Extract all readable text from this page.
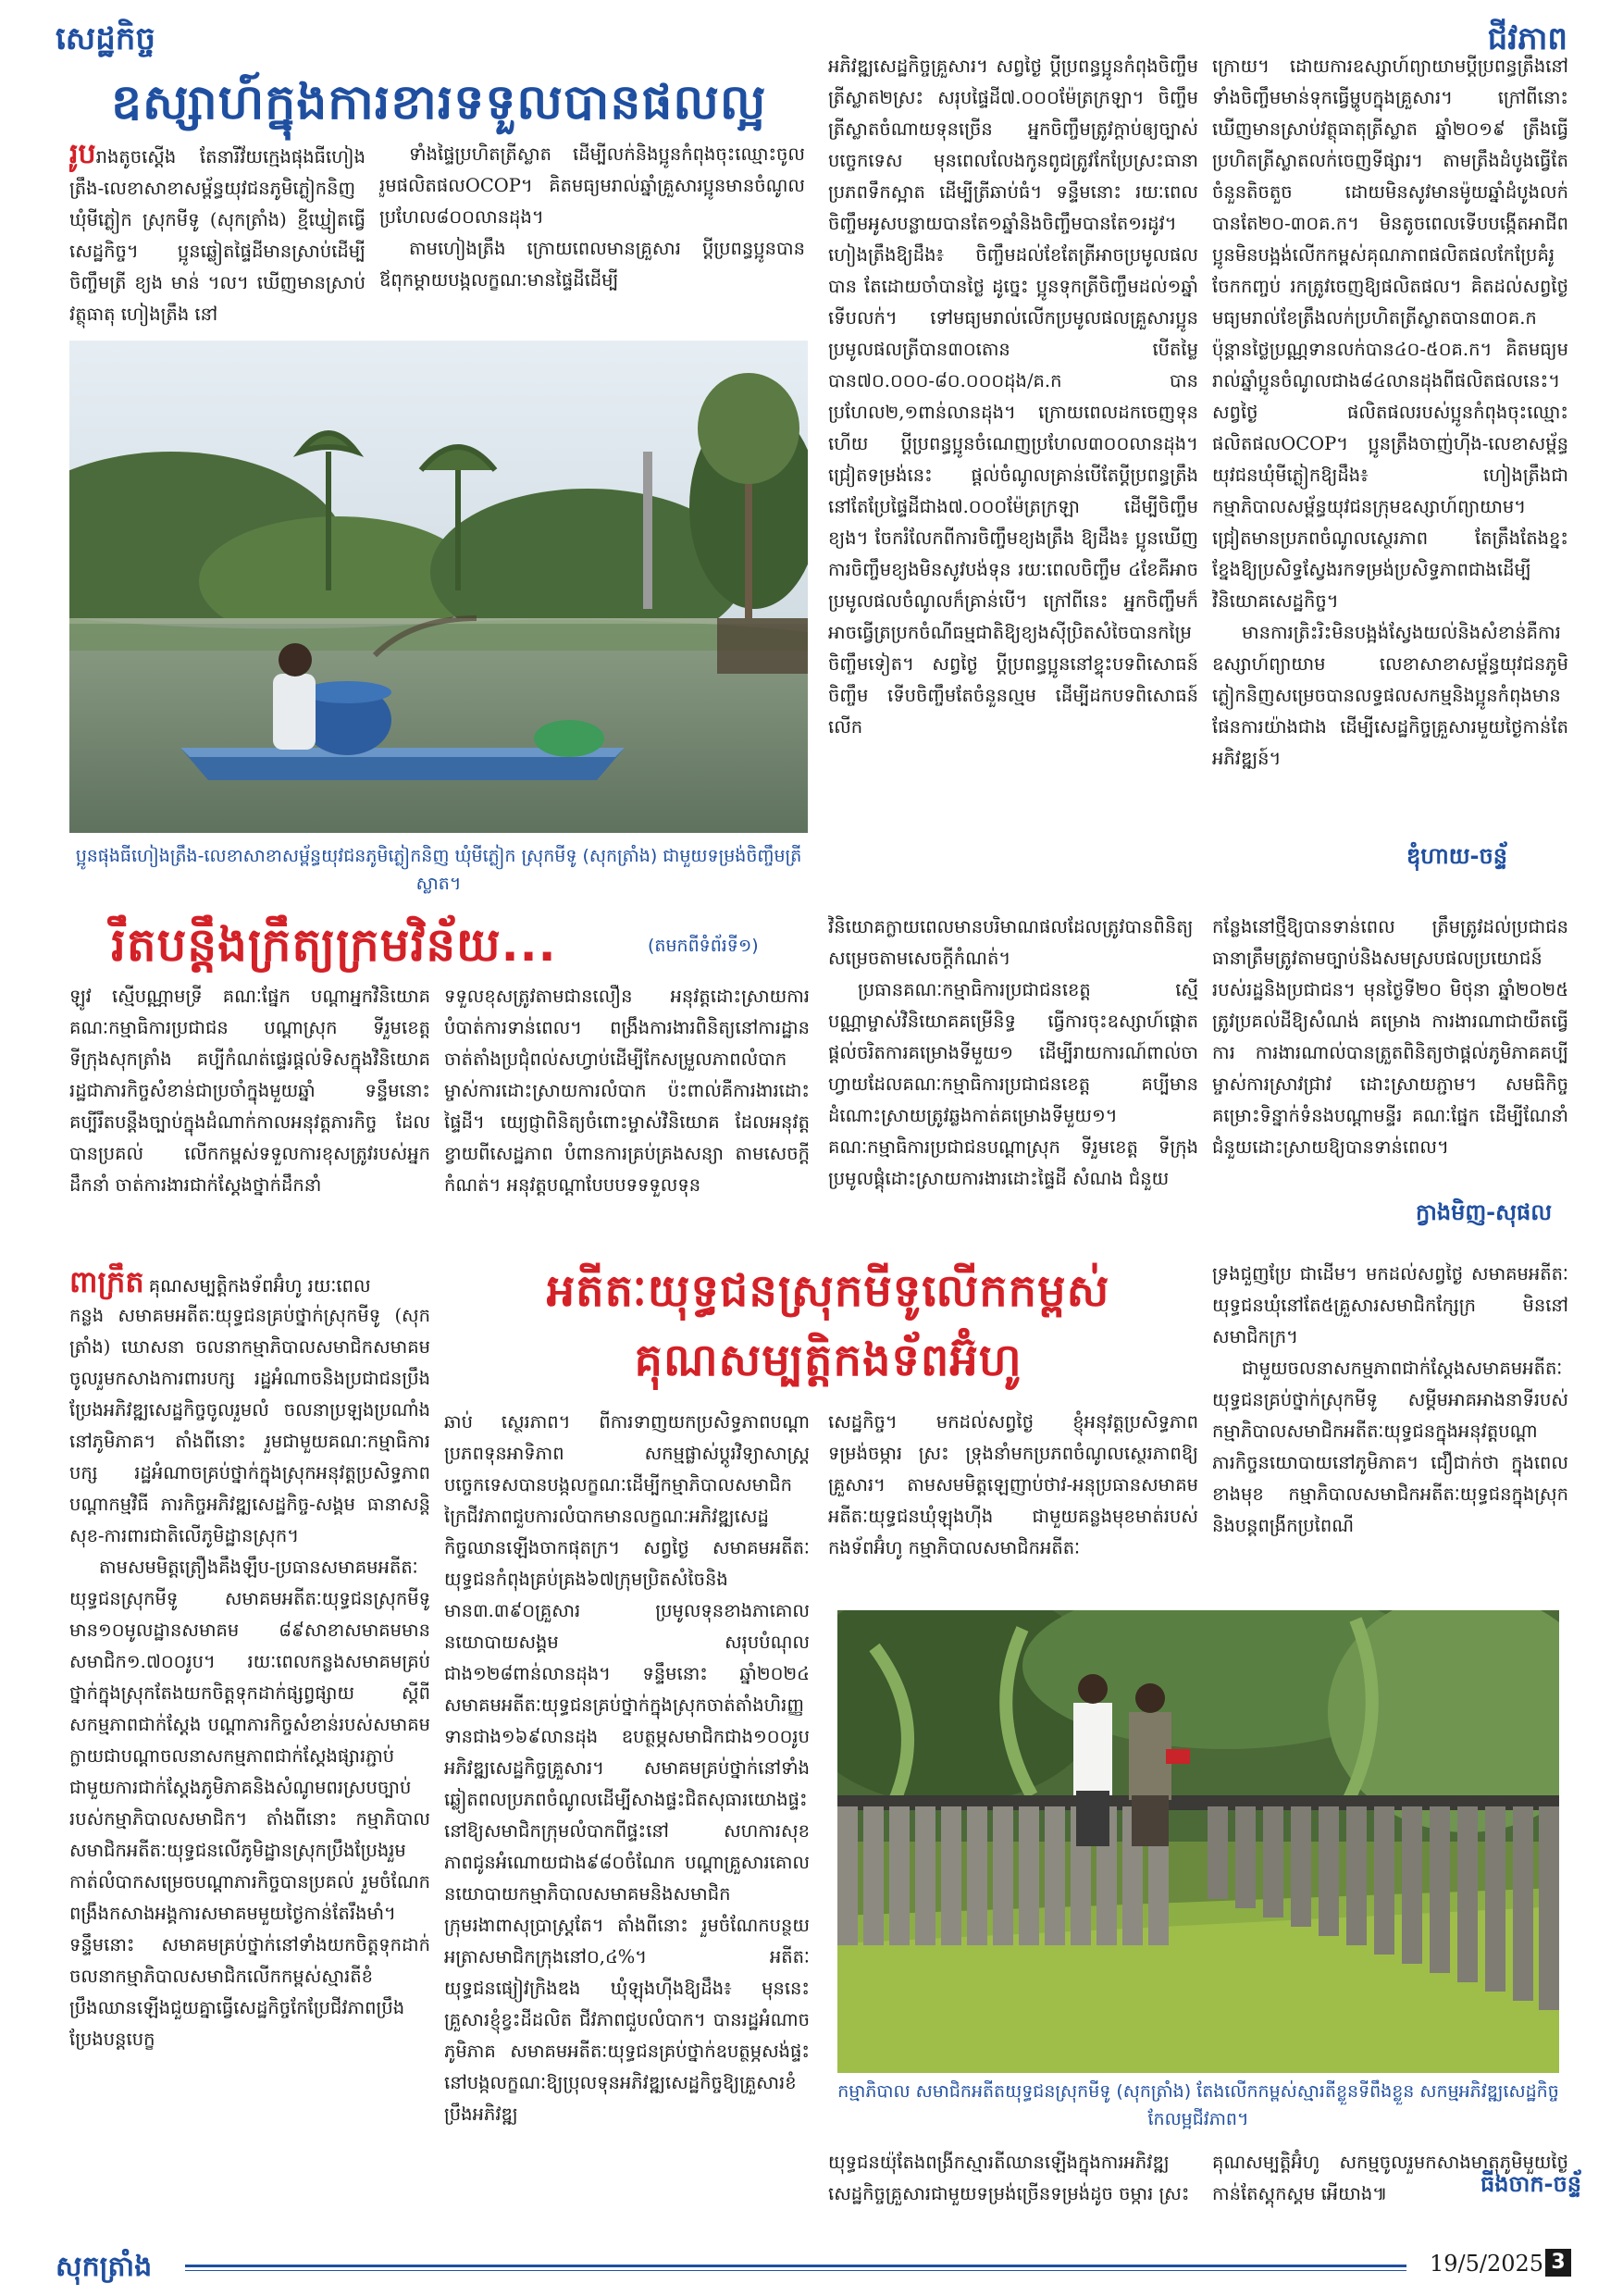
សេដ្ឋកិច្ច	ជីវភាព
ឧស្សាហ៍ក្នុងការខារទទួលបានផលល្អ

រូបរាងតូចស្តើង តែនារីវ័យក្មេងផុងធីហៀង ត្រឹង-លេខាសាខាសម្ព័ន្ធយុវជនភូមិភ្លៀកនិញ ឃុំមីភ្លៀក ស្រុកមីទូ (សុកត្រាំង) ខ្មីឃ្មៀតធ្វើសេដ្ឋកិច្ច។ ប្អូនឆ្លៀតផ្ទៃដីមានស្រាប់ដើម្បីចិញ្ចឹមត្រី ខ្យង មាន់ ។ល។ ឃើញមានស្រាប់វត្ថុធាតុ ហៀងត្រឹង នៅ

ទាំងផ្ទៃប្រហិតត្រីស្លាត ដើម្បីលក់និងប្អូនកំពុងចុះឈ្មោះចូលរួមផលិតផលOCOP។ គិតមធ្យមរាល់ឆ្នាំគ្រួសារប្អូនមានចំណូលប្រហែល៨០០លានដុង។

តាមហៀងត្រឹង ក្រោយពេលមានគ្រួសារ ប្តីប្រពន្ធប្អូនបានឪពុកម្តាយបង្កលក្ខណៈមានផ្ទៃដីដើម្បី

ប្អូនផុងធីហៀងត្រឹង-លេខាសាខាសម្ព័ន្ធយុវជនភូមិភ្លៀកនិញ ឃុំមីភ្លៀក ស្រុកមីទូ (សុកត្រាំង) ជាមួយទម្រង់ចិញ្ចឹមត្រីស្លាត។

អភិវឌ្ឍសេដ្ឋកិច្ចគ្រួសារ។ សព្វថ្ងៃ ប្តីប្រពន្ធប្អូនកំពុងចិញ្ចឹមត្រីស្លាត២ស្រះ សរុបផ្ទៃដី៧.០០០ម៉ែត្រក្រឡា។ ចិញ្ចឹមត្រីស្លាតចំណាយទុនច្រើន អ្នកចិញ្ចឹមត្រូវក្តាប់ឲ្យច្បាស់បច្ចេកទេស មុនពេលលែងកូនពូជត្រូវកែប្រែស្រះធានាប្រភពទឹកស្អាត ដើម្បីត្រីឆាប់ធំ។ ទន្ទឹមនោះ រយៈពេលចិញ្ចឹមអូសបន្លាយបានតែ១ឆ្នាំនិងចិញ្ចឹមបានតែ១រដូវ។ ហៀងត្រឹងឱ្យដឹង៖ ចិញ្ចឹមដល់ខែតែត្រីអាចប្រមូលផលបាន តែដោយចាំបានថ្លៃ ដូច្នេះ ប្អូនទុកត្រីចិញ្ចឹមដល់១ឆ្នាំទើបលក់។ ទៅមធ្យមរាល់លើកប្រមូលផលគ្រួសារប្អូនប្រមូលផលត្រីបាន៣០តោន បើតម្លៃបាន៧០.០០០-៨០.០០០ដុង/គ.ក បានប្រហែល២,១ពាន់លានដុង។ ក្រោយពេលដកចេញទុនហើយ ប្តីប្រពន្ធប្អូនចំណេញប្រហែល៣០០លានដុង។ ជ្រៀតទម្រង់នេះ ផ្តល់ចំណូលគ្រាន់បើតែប្តីប្រពន្ធត្រឹងនៅតែប្រែផ្ទៃដីជាង៧.០០០ម៉ែត្រក្រឡា ដើម្បីចិញ្ចឹមខ្យង។ ចែករំលែកពីការចិញ្ចឹមខ្យងត្រឹង ឱ្យដឹង៖ ប្អូនឃើញការចិញ្ចឹមខ្យងមិនសូវបង់ទុន រយៈពេលចិញ្ចឹម ៤ខែគឺអាចប្រមូលផលចំណូលក៏គ្រាន់បើ។ ក្រៅពីនេះ អ្នកចិញ្ចឹមក៏អាចធ្វើត្រប្រកចំណីធម្មជាតិឱ្យខ្យងស៊ីប្រិតសំចៃបានកម្រៃចិញ្ចឹមទៀត។ សព្វថ្ងៃ ប្តីប្រពន្ធប្អូននៅខ្ទុះបទពិសោធន៍ចិញ្ចឹម ទើបចិញ្ចឹមតែចំនួនល្មម ដើម្បីដកបទពិសោធន៍លើក

ក្រោយ។ ដោយការឧស្សាហ៍ព្យាយាមប្តីប្រពន្ធត្រឹងនៅទាំងចិញ្ចឹមមាន់ទុកធ្វើម្ហូបក្នុងគ្រួសារ។ ក្រៅពីនោះ ឃើញមានស្រាប់វត្ថុធាតុត្រីស្លាត ឆ្នាំ២០១៩ ត្រឹងធ្វើប្រហិតត្រីស្លាតលក់ចេញទីផ្សារ។ តាមត្រឹងដំបូងធ្វើតែចំនួនតិចតួច ដោយមិនសូវមានម៉ូយឆ្នាំដំបូងលក់បានតែ២០-៣០គ.ក។ មិនតូចពេលទើបបង្កើតអាជីពប្អូនមិនបង្អង់លើកកម្ពស់គុណភាពផលិតផលកែប្រែគំរូ ចែកកញ្ចប់ រកត្រូវចេញឱ្យផលិតផល។ គិតដល់សព្វថ្ងៃ មធ្យមរាល់ខែត្រឹងលក់ប្រហិតត្រីស្លាតបាន៣០គ.ក ប៉ុន្តានថ្លៃប្រណ្ណទានលក់បាន៤០-៥០គ.ក។ គិតមធ្យមរាល់ឆ្នាំប្អូនចំណូលជាង៨៤លានដុងពីផលិតផលនេះ។ សព្វថ្ងៃ ផលិតផលរបស់ប្អូនកំពុងចុះឈ្មោះផលិតផលOCOP។ ប្អូនត្រឹងចាញ់ហ៊ីង-លេខាសម្ព័ន្ធយុវជនឃុំមីភ្លៀកឱ្យដឹង៖ ហៀងត្រឹងជាកម្មាភិបាលសម្ព័ន្ធយុវជនក្រុមឧស្សាហ៍ព្យាយាម។ ជ្រៀតមានប្រភពចំណូលស្ថេរភាព តែត្រឹងតែងខ្នះខ្នែងឱ្យប្រសិទ្ធស្វែងរកទម្រង់ប្រសិទ្ធភាពជាងដើម្បីវិនិយោគសេដ្ឋកិច្ច។

មានការត្រិះរិះមិនបង្អង់ស្វែងយល់និងសំខាន់គឺការឧស្សាហ៍ព្យាយាម លេខាសាខាសម្ព័ន្ធយុវជនភូមិភ្លៀកនិញសម្រេចបានលទ្ធផលសកម្មនិងប្អូនកំពុងមានផែនការយ៉ាងជាង ដើម្បីសេដ្ឋកិច្ចគ្រួសារមួយថ្ងៃកាន់តែអភិវឌ្ឍន៍។

ឌុំហាយ-ចន្ទ័
រឹតបន្តឹងក្រឹត្យក្រមវិន័យ...	(តមកពីទំព័រទី១)

ឡូវ ស្មើបណ្ណាមទ្រី គណៈផ្នែក បណ្តាអ្នកវិនិយោគ គណៈកម្មាធិការប្រជាជន បណ្តាស្រុក ទីរួមខេត្ត ទីក្រុងសុកត្រាំង គប្បីកំណត់ផ្ទេរផ្តល់ទិសក្នុងវិនិយោគ រដ្ឋជាភារកិច្ចសំខាន់ជាប្រចាំក្នុងមួយឆ្នាំ ទន្ទឹមនោះ គប្បីរឹតបន្តឹងច្បាប់ក្នុងដំណាក់កាលអនុវត្តភារកិច្ច ដែលបានប្រគល់ លើកកម្ពស់ទទួលការខុសត្រូវរបស់អ្នកដឹកនាំ ចាត់ការងារជាក់ស្តែងថ្នាក់ដឹកនាំ

ទទួលខុសត្រូវតាមជានលឿន អនុវត្តដោះស្រាយការបំបាត់ការទាន់ពេល។ ពង្រឹងការងារពិនិត្យនៅការដ្ឋាន ចាត់តាំងប្រជុំពល់សហ្វាប់ដើម្បីកែសម្រួលភាពលំបាក ម្ចាស់ការដោះស្រាយការលំបាក ប៉ះពាល់គឺការងារដោះផ្ទៃដី។ យ្យេជ្ញាពិនិត្យចំពោះម្ចាស់វិនិយោគ ដែលអនុវត្តខ្វាយពីសេដ្ឋភាព បំពានការគ្រប់គ្រងសន្យា តាមសេចក្តីកំណត់។ អនុវត្តបណ្តាបែបបទទទួលទុន

វិនិយោគក្លាយពេលមានបរិមាណផលដែលត្រូវបានពិនិត្យសម្រេចតាមសេចក្តីកំណត់។

ប្រធានគណៈកម្មាធិការប្រជាជនខេត្ត ស្មើបណ្ណាម្ចាស់វិនិយោគគម្រើនិទ្ធ ធ្វើការចុះឧស្សាហ៍ផ្តោតផ្តល់ចរិតការគម្រោងទីមួយ១ ដើម្បីរាយការណ៍ពាល់ចាហ្វាយដែលគណៈកម្មាធិការប្រជាជនខេត្ត គប្បីមានដំណោះស្រាយត្រូវឆ្លងកាត់គម្រោងទីមួយ១។ គណៈកម្មាធិការប្រជាជនបណ្តាស្រុក ទីរួមខេត្ត ទីក្រុងប្រមូលផ្តុំដោះស្រាយការងារដោះផ្ទៃដី សំណង ជំនួយ

កន្លែងនៅថ្មីឱ្យបានទាន់ពេល ត្រឹមត្រូវដល់ប្រជាជនធានាត្រឹមត្រូវតាមច្បាប់និងសមស្របផលប្រយោជន៍របស់រដ្ឋនិងប្រជាជន។ មុនថ្ងៃទី២០ មិថុនា ឆ្នាំ២០២៥ ត្រូវប្រគល់ដីឱ្យសំណង់ គម្រោង ការងារណាជាយឺតធ្វើការ ការងារណាល់បានត្រួតពិនិត្យថាផ្តល់ភូមិភាគគប្បីម្ចាស់ការស្រាវជ្រាវ ដោះស្រាយភ្ជាម។ សមធិកិច្ចគម្រោះទិន្នាក់ទំនងបណ្តាមន្ទីរ គណៈផ្នែក ដើម្បីណែនាំ ជំនួយដោះស្រាយឱ្យបានទាន់ពេល។

ក្វាងមិញ-សុផល
ពាក្រឹត គុណសម្បត្តិកងទ័ពអ៊ំហូ រយៈពេល	អតីតៈយុទ្ធជនស្រុកមីទូលើកកម្ពស់
គុណសម្បត្តិកងទ័ពអ៊ំហូ

កន្លង សមាគមអតីតៈយុទ្ធជនគ្រប់ថ្នាក់ស្រុកមីទូ (សុកត្រាំង) ឃោសនា ចលនាកម្មាភិបាលសមាជិកសមាគមចូលរួមកសាងការពារបក្ស រដ្ឋអំណាចនិងប្រជាជនប្រឹងប្រែងអភិវឌ្ឍសេដ្ឋកិច្ចចូលរួមលំ ចលនាប្រឡងប្រណាំងនៅភូមិភាគ។ តាំងពីនោះ រួមជាមួយគណៈកម្មាធិការបក្ស រដ្ឋអំណាចគ្រប់ថ្នាក់ក្នុងស្រុកអនុវត្តប្រសិទ្ធភាពបណ្តាកម្មវិធី ភារកិច្ចអភិវឌ្ឍសេដ្ឋកិច្ច-សង្គម ធានាសន្តិសុខ-ការពារជាតិលើភូមិដ្ឋានស្រុក។

តាមសមមិត្តត្រឿងគឹងឡឹប-ប្រធានសមាគមអតីតៈយុទ្ធជនស្រុកមីទូ សមាគមអតីតៈយុទ្ធជនស្រុកមីទូមាន១០មូលដ្ឋានសមាគម ៨៩សាខាសមាគមមានសមាជិក១.៧០០រូប។ រយៈពេលកន្លងសមាគមគ្រប់ថ្នាក់ក្នុងស្រុកតែងយកចិត្តទុកដាក់ផ្សព្វផ្សាយ ស្តីពីសកម្មភាពជាក់ស្តែង បណ្តាភារកិច្ចសំខាន់របស់សមាគមក្លាយជាបណ្តាចលនាសកម្មភាពជាក់ស្តែងផ្សារភ្ជាប់ជាមួយការជាក់ស្តែងភូមិភាគនិងសំណូមពរស្របច្បាប់របស់កម្មាភិបាលសមាជិក។ តាំងពីនោះ កម្មាភិបាលសមាជិកអតីតៈយុទ្ធជនលើភូមិដ្ឋានស្រុកប្រឹងប្រែងរួមកាត់លំបាកសម្រេចបណ្តាភារកិច្ចបានប្រគល់ រួមចំណែកពង្រឹងកសាងអង្គការសមាគមមួយថ្ងៃកាន់តែរឹងមាំ។ ទន្ទឹមនោះ សមាគមគ្រប់ថ្នាក់នៅទាំងយកចិត្តទុកដាក់ចលនាកម្មាភិបាលសមាជិកលើកកម្ពស់ស្មារតីខំប្រឹងឈានឡើងជួយគ្នាធ្វើសេដ្ឋកិច្ចកែប្រែជីវភាពប្រឹងប្រែងបន្តបេក្ខ

ឆាប់ ស្ថេរភាព។ ពីការទាញយកប្រសិទ្ធភាពបណ្តាប្រភពទុនអាទិភាព សកម្មផ្លាស់ប្តូរវិទ្យាសាស្ត្រ បច្ចេកទេសបានបង្កលក្ខណៈដើម្បីកម្មាភិបាលសមាជិកក្រៃជីវភាពជួបការលំបាកមានលក្ខណៈអភិវឌ្ឍសេដ្ឋកិច្ចឈានឡើងចាកផុតក្រ។ សព្វថ្ងៃ សមាគមអតីតៈយុទ្ធជនកំពុងគ្រប់គ្រង៦៧ក្រុមប្រិតសំចៃនិងមាន៣.៣៩០គ្រួសារ ប្រមូលទុនខាងភាគោលនយោបាយសង្គម សរុបបំណុលជាង១២៨ពាន់លានដុង។ ទន្ទឹមនោះ ឆ្នាំ២០២៤ សមាគមអតីតៈយុទ្ធជនគ្រប់ថ្នាក់ក្នុងស្រុកចាត់តាំងហិរញ្ញទានជាង១៦៩លានដុង ឧបត្ថម្ភសមាជិកជាង១០០រូប អភិវឌ្ឍសេដ្ឋកិច្ចគ្រួសារ។ សមាគមគ្រប់ថ្នាក់នៅទាំងឆ្លៀតពលប្រភពចំណូលដើម្បីសាងផ្ទះជិតសុធារយោងផ្ទះនៅឱ្យសមាជិកក្រុមលំបាកពីផ្ទះនៅ សហការសុខភាពជូនអំណោយជាង៩៨០ចំណែក បណ្តាគ្រួសារគោលនយោបាយកម្មាភិបាលសមាគមនិងសមាជិកក្រុមរងាពាសុប្រាស្រ្តតែ។ តាំងពីនោះ រួមចំណែកបន្ថយអត្រាសមាជិកក្រុងនៅ០,៤%។ អតីតៈយុទ្ធជនផ្យៀវក្រិងឌង ឃុំឡុងហ៊ីងឱ្យដឹង៖ មុននេះ គ្រួសារខ្ញុំខ្វះដីដលិត ជីវភាពជួបលំបាក។ បានរដ្ឋអំណាចភូមិភាគ សមាគមអតីតៈយុទ្ធជនគ្រប់ថ្នាក់ឧបត្ថម្ភសង់ផ្ទះនៅបង្កលក្ខណៈឱ្យប្រុលទុនអភិវឌ្ឍសេដ្ឋកិច្ចឱ្យគ្រួសារខំប្រឹងអភិវឌ្ឍ

សេដ្ឋកិច្ច។ មកដល់សព្វថ្ងៃ ខ្ញុំអនុវត្តប្រសិទ្ធភាពទម្រង់ចម្ការ ស្រះ ទ្រុងនាំមកប្រភពចំណូលស្ថេរភាពឱ្យគ្រួសារ។ តាមសមមិត្តឡេញាប់ថាវ-អនុប្រធានសមាគមអតីតៈយុទ្ធជនឃុំឡុងហ៊ីង ជាមួយគន្លងមុខមាត់របស់កងទ័ពអ៊ំហូ កម្មាភិបាលសមាជិកអតីតៈ

ទ្រងជួញប្រែ ជាដើម។ មកដល់សព្វថ្ងៃ សមាគមអតីតៈយុទ្ធជនឃុំនៅតែ៥គ្រួសារសមាជិកក្សែក្រ មិននៅសមាជិកក្រ។

ជាមួយចលនាសកម្មភាពជាក់ស្តែងសមាគមអតីតៈយុទ្ធជនគ្រប់ថ្នាក់ស្រុកមីទូ សម្តីមអាគអាងនាទីរបស់កម្មាភិបាលសមាជិកអតីតៈយុទ្ធជនក្នុងអនុវត្តបណ្តាភារកិច្ចនយោបាយនៅភូមិភាគ។ ជឿជាក់ថា ក្នុងពេលខាងមុខ កម្មាភិបាលសមាជិកអតីតៈយុទ្ធជនក្នុងស្រុកនិងបន្តពង្រីកប្រពៃណី

កម្មាភិបាល សមាជិកអតីតយុទ្ធជនស្រុកមីទូ (សុកត្រាំង) តែងលើកកម្ពស់ស្មារតីខ្លួនទីពឹងខ្លួន សកម្មអភិវឌ្ឍសេដ្ឋកិច្ច កែលម្អជីវភាព។

យុទ្ធជនយ៉ុតែងពង្រីកស្មារតីឈានឡើងក្នុងការអភិវឌ្ឍសេដ្ឋកិច្ចគ្រួសារជាមួយទម្រង់ច្រើនទម្រង់ដូច ចម្ការ ស្រះ

គុណសម្បត្តិអ៊ំហូ សកម្មចូលរួមកសាងមាតុភូមិមួយថ្ងៃកាន់តែស្គុកស្គម អើយាង៕	ធីងចាក-ចន្ទ័
សុកត្រាំង	19/5/2025 3
